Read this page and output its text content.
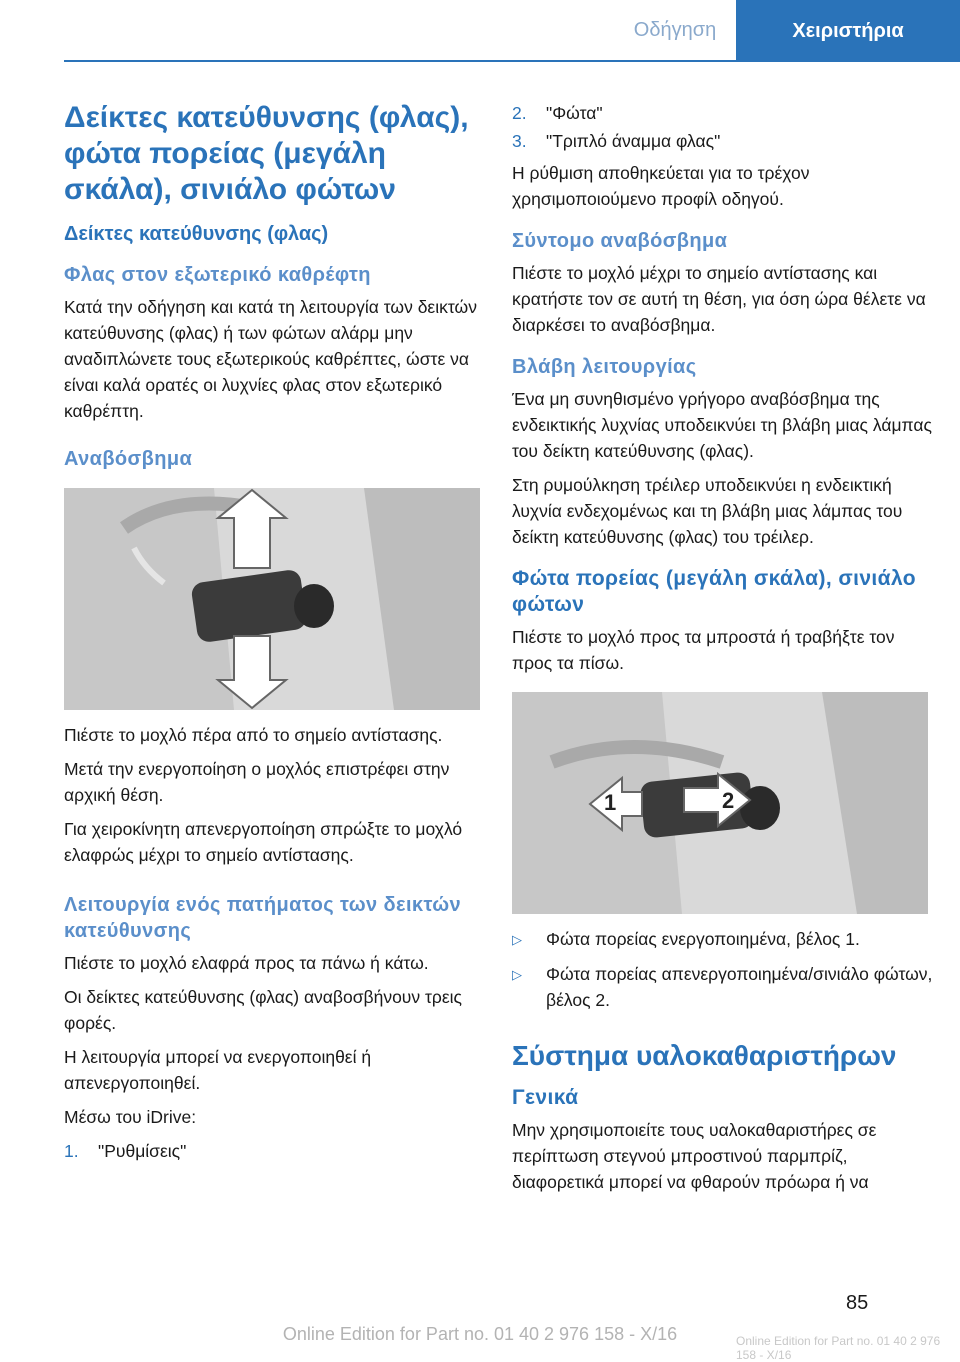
Οδήγηση	Χειριστήρια
Δείκτες κατεύθυνσης (φλας), φώτα πορείας (μεγάλη σκάλα), σινιάλο φώτων
Δείκτες κατεύθυνσης (φλας)
Φλας στον εξωτερικό καθρέφτη

Κατά την οδήγηση και κατά τη λειτουργία των δεικτών κατεύθυνσης (φλας) ή των φώτων αλάρμ μην αναδιπλώνετε τους εξωτερικούς καθρέπτες, ώστε να είναι καλά ορατές οι λυχνίες φλας στον εξωτερικό καθρέπτη.

Αναβόσβημα

Πιέστε το μοχλό πέρα από το σημείο αντίστασης.

Μετά την ενεργοποίηση ο μοχλός επιστρέφει στην αρχική θέση.

Για χειροκίνητη απενεργοποίηση σπρώξτε το μοχλό ελαφρώς μέχρι το σημείο αντίστασης.

Λειτουργία ενός πατήματος των δεικτών κατεύθυνσης

Πιέστε το μοχλό ελαφρά προς τα πάνω ή κάτω.

Οι δείκτες κατεύθυνσης (φλας) αναβοσβήνουν τρεις φορές.

Η λειτουργία μπορεί να ενεργοποιηθεί ή απενεργοποιηθεί.

Μέσω του iDrive:

1.	"Ρυθμίσεις"
2.	"Φώτα"
3.	"Τριπλό άναμμα φλας"

Η ρύθμιση αποθηκεύεται για το τρέχον χρησιμοποιούμενο προφίλ οδηγού.

Σύντομο αναβόσβημα

Πιέστε το μοχλό μέχρι το σημείο αντίστασης και κρατήστε τον σε αυτή τη θέση, για όση ώρα θέλετε να διαρκέσει το αναβόσβημα.

Βλάβη λειτουργίας

Ένα μη συνηθισμένο γρήγορο αναβόσβημα της ενδεικτικής λυχνίας υποδεικνύει τη βλάβη μιας λάμπας του δείκτη κατεύθυνσης (φλας).

Στη ρυμούλκηση τρέιλερ υποδεικνύει η ενδεικτική λυχνία ενδεχομένως και τη βλάβη μιας λάμπας του δείκτη κατεύθυνσης (φλας) του τρέιλερ.

Φώτα πορείας (μεγάλη σκάλα), σινιάλο φώτων

Πιέστε το μοχλό προς τα μπροστά ή τραβήξτε τον προς τα πίσω.

1	2
▷	Φώτα πορείας ενεργοποιημένα, βέλος 1.
▷	Φώτα πορείας απενεργοποιημένα/σινιάλο φώτων, βέλος 2.
Σύστημα υαλοκαθαριστήρων
Γενικά

Μην χρησιμοποιείτε τους υαλοκαθαριστήρες σε περίπτωση στεγνού μπροστινού παρμπρίζ, διαφορετικά μπορεί να φθαρούν πρόωρα ή να

85
Online Edition for Part no. 01 40 2 976 158 - X/16	Online Edition for Part no. 01 40 2 976 158 - X/16
